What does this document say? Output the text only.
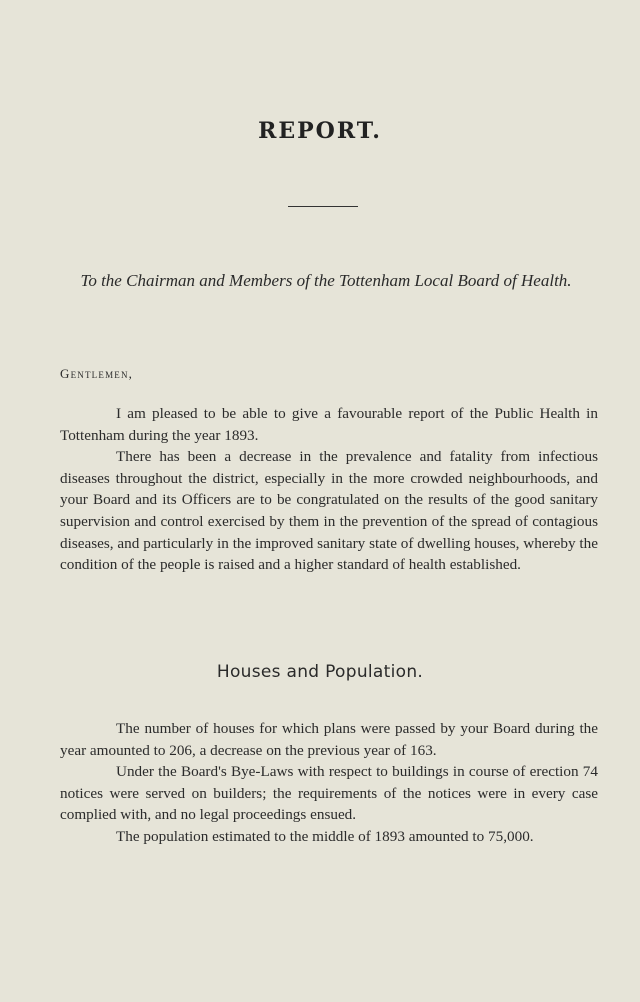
REPORT.
To the Chairman and Members of the Tottenham Local Board of Health.
Gentlemen,

I am pleased to be able to give a favourable report of the Public Health in Tottenham during the year 1893.

There has been a decrease in the prevalence and fatality from infectious diseases throughout the district, especially in the more crowded neighbourhoods, and your Board and its Officers are to be congratulated on the results of the good sanitary supervision and control exercised by them in the prevention of the spread of contagious diseases, and particularly in the improved sanitary state of dwelling houses, whereby the condition of the people is raised and a higher standard of health established.

Houses and Population.

The number of houses for which plans were passed by your Board during the year amounted to 206, a decrease on the previous year of 163.

Under the Board's Bye-Laws with respect to buildings in course of erection 74 notices were served on builders; the requirements of the notices were in every case complied with, and no legal proceedings ensued.

The population estimated to the middle of 1893 amounted to 75,000.
